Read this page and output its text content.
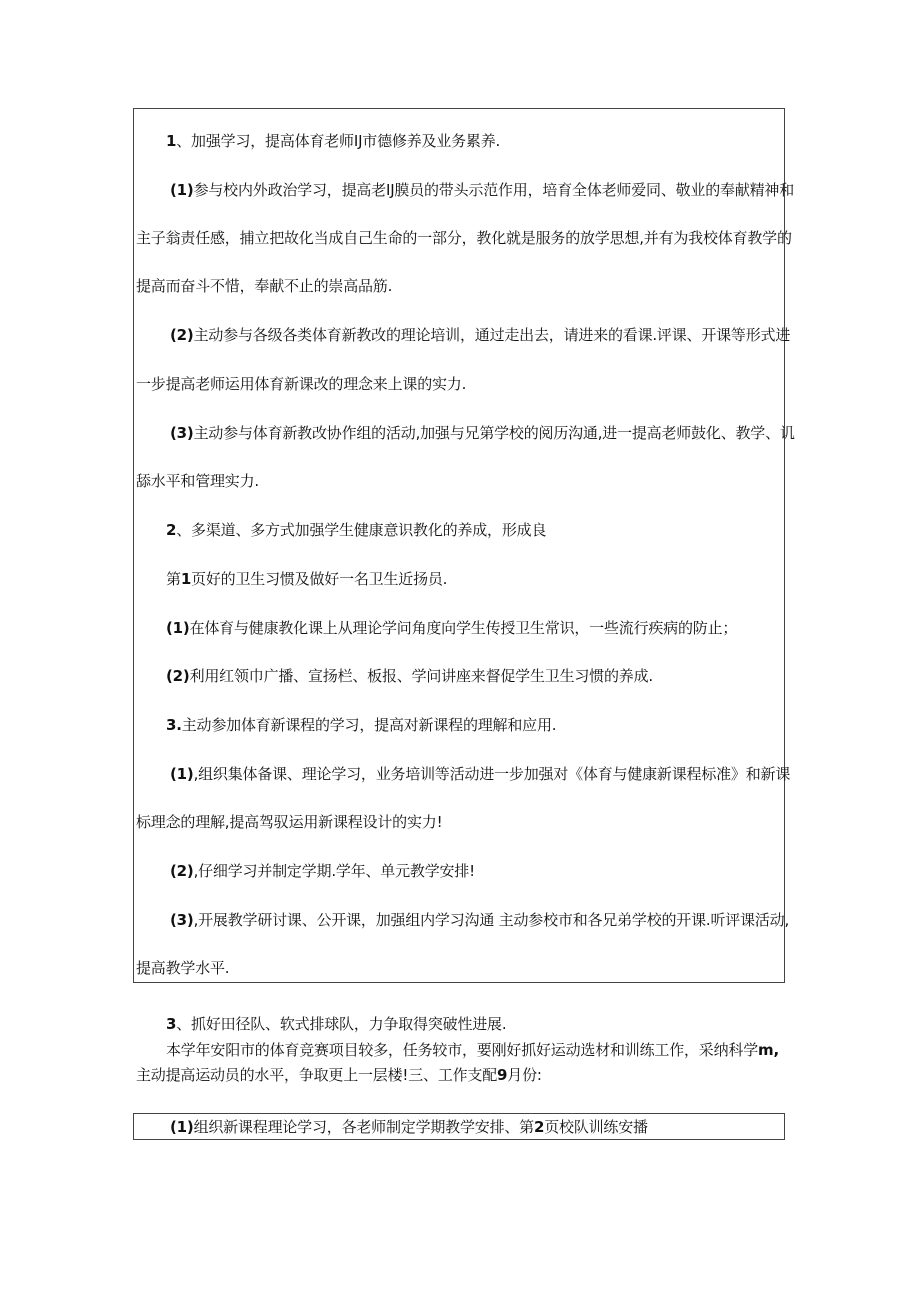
1、加强学习，提高体育老师IJ市德修养及业务累养.
(1)参与校内外政治学习，提高老IJ膜员的带头示范作用，培育全体老师爱同、敬业的奉献精神和
主子翁责任感，捕立把故化当成自己生命的一部分，教化就是服务的放学思想,并有为我校体育教学的
提高而奋斗不惜，奉献不止的崇高品筋.
(2)主动参与各级各类体育新教改的理论培训，通过走出去，请进来的看课.评课、开课等形式进
一步提高老师运用体育新课改的理念来上课的实力.
(3)主动参与体育新教改协作组的活动,加强与兄第学校的阅历沟通,进一提高老师鼓化、教学、讥
舔水平和管理实力.
2、多渠道、多方式加强学生健康意识教化的养成，形成良
第1页好的卫生习惯及做好一名卫生近扬员.
(1)在体育与健康教化课上从理论学问角度向学生传授卫生常识，一些流行疾病的防止；
(2)利用红领巾广播、宣扬栏、板报、学问讲座来督促学生卫生习惯的养成.
3.主动参加体育新课程的学习，提高对新课程的理解和应用.
(1),组织集体备课、理论学习，业务培训等活动进一步加强对《体育与健康新课程标准》和新课
标理念的理解,提高驾驭运用新课程设计的实力!
(2),仔细学习并制定学期.学年、单元教学安排!
(3),开展教学研讨课、公开课，加强组内学习沟通 主动参校市和各兄弟学校的开课.听评课活动,
提高教学水平.
3、抓好田径队、软式排球队，力争取得突破性进展.
本学年安阳市的体育竞赛项目较多，任务较市，要刚好抓好运动选材和训练工作，采纳科学m,
主动提高运动员的水平，争取更上一层楼!三、工作支配9月份:
(1)组织新课程理论学习，各老师制定学期教学安排、第2页校队训练安播
